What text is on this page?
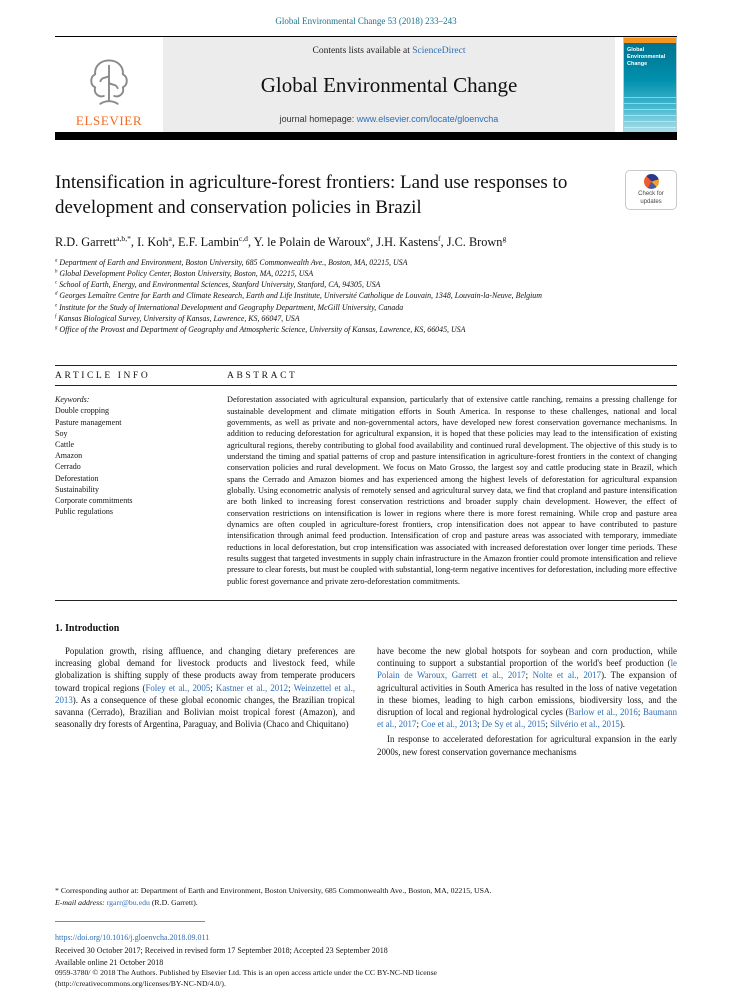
Global Environmental Change 53 (2018) 233–243
ELSEVIER
Contents lists available at ScienceDirect
Global Environmental Change
journal homepage: www.elsevier.com/locate/gloenvcha
Global Environmental Change
Intensification in agriculture-forest frontiers: Land use responses to development and conservation policies in Brazil
Check for
updates
R.D. Garrett$^{a,b,*}$, I. Koh$^a$, E.F. Lambin$^{c,d}$, Y. le Polain de Waroux$^e$, J.H. Kastens$^f$, J.C. Brown$^g$
$^a$ Department of Earth and Environment, Boston University, 685 Commonwealth Ave., Boston, MA, 02215, USA
$^b$ Global Development Policy Center, Boston University, Boston, MA, 02215, USA
$^c$ School of Earth, Energy, and Environmental Sciences, Stanford University, Stanford, CA, 94305, USA
$^d$ Georges Lemaître Centre for Earth and Climate Research, Earth and Life Institute, Université Catholique de Louvain, 1348, Louvain-la-Neuve, Belgium
$^e$ Institute for the Study of International Development and Geography Department, McGill University, Canada
$^f$ Kansas Biological Survey, University of Kansas, Lawrence, KS, 66047, USA
$^g$ Office of the Provost and Department of Geography and Atmospheric Science, University of Kansas, Lawrence, KS, 66045, USA
ARTICLE INFO	ABSTRACT
Keywords:
Double cropping
Pasture management
Soy
Cattle
Amazon
Cerrado
Deforestation
Sustainability
Corporate commitments
Public regulations
Deforestation associated with agricultural expansion, particularly that of extensive cattle ranching, remains a pressing challenge for sustainable development and climate mitigation efforts in South America. In response to these challenges, national and local governments, as well as private and non-governmental actors, have developed new forest conservation governance mechanisms. In addition to reducing deforestation for agricultural expansion, it is hoped that these policies may lead to the intensification of existing agricultural regions, thereby contributing to global food availability and continued rural development. The objective of this study is to understand the timing and spatial patterns of crop and pasture intensification in agriculture-forest frontiers in the context of changing conservation policies and rural development. We focus on Mato Grosso, the largest soy and cattle producing state in Brazil, which spans the Cerrado and Amazon biomes and has experienced among the highest levels of deforestation for agricultural expansion globally. Using econometric analysis of remotely sensed and agricultural survey data, we find that cropland and pasture intensification are both linked to increasing forest conservation restrictions and broader supply chain development. However, the effect of conservation restrictions on intensification is lower in regions where there is more forest remaining. While crop and pasture area dynamics are often coupled in agriculture-forest frontiers, crop intensification does not appear to have contributed to pasture intensification through animal feed production. Intensification of crop and pasture areas was associated with temporary, immediate reductions in local deforestation, but crop intensification was associated with increased deforestation over longer time periods. These results suggest that targeted investments in supply chain infrastructure in the Amazon frontier could promote intensification and relieve pressure to clear forests, but must be coupled with substantial, long-term negative incentives for deforestation, including more effective public forest governance and private zero-deforestation commitments.
1. Introduction

Population growth, rising affluence, and changing dietary preferences are increasing global demand for livestock products and livestock feed, while globalization is shifting supply of these products away from temperate producers toward tropical regions (Foley et al., 2005; Kastner et al., 2012; Weinzettel et al., 2013). As a consequence of these global economic changes, the Brazilian tropical savanna (Cerrado), Brazilian and Bolivian moist tropical forest (Amazon), and seasonally dry forests of Argentina, Paraguay, and Bolivia (Chaco and Chiquitano)

have become the new global hotspots for soybean and corn production, while continuing to support a substantial proportion of the world's beef production (le Polain de Waroux, Garrett et al., 2017; Nolte et al., 2017). The expansion of agricultural activities in South America has resulted in the loss of native vegetation in these biomes, leading to high carbon emissions, biodiversity loss, and the disruption of local and regional hydrological cycles (Barlow et al., 2016; Baumann et al., 2017; Coe et al., 2013; De Sy et al., 2015; Silvério et al., 2015).

In response to accelerated deforestation for agricultural expansion in the early 2000s, new forest conservation governance mechanisms

* Corresponding author at: Department of Earth and Environment, Boston University, 685 Commonwealth Ave., Boston, MA, 02215, USA.
E-mail address: rgarr@bu.edu (R.D. Garrett).
https://doi.org/10.1016/j.gloenvcha.2018.09.011
Received 30 October 2017; Received in revised form 17 September 2018; Accepted 23 September 2018
Available online 21 October 2018
0959-3780/ © 2018 The Authors. Published by Elsevier Ltd. This is an open access article under the CC BY-NC-ND license
(http://creativecommons.org/licenses/BY-NC-ND/4.0/).
